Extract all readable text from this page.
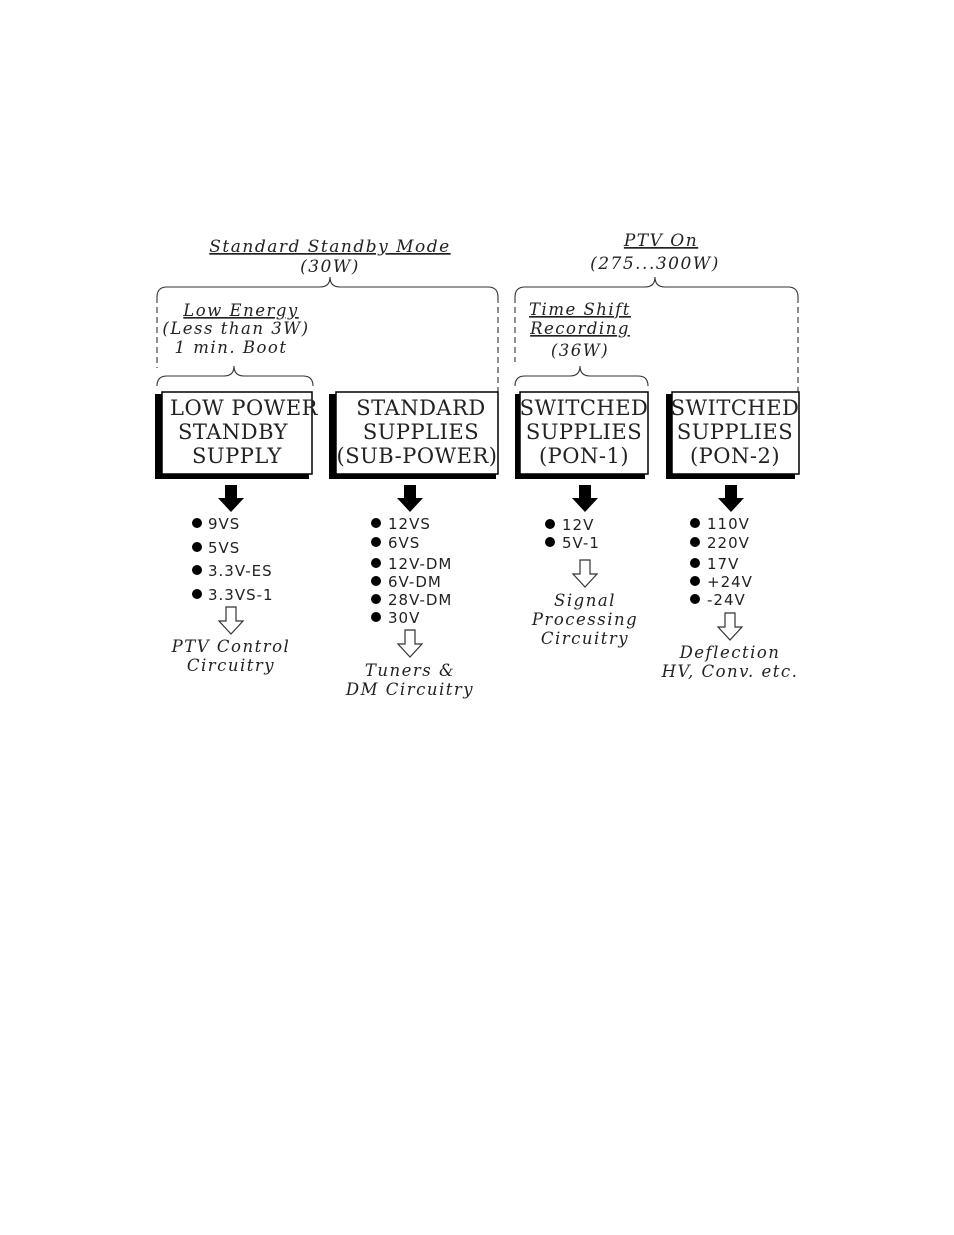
Standard Standby Mode
(30W)
PTV On
(275...300W)
Low Energy
(Less than 3W)
1 min. Boot
Time Shift
Recording
(36W)
LOW POWER
STANDBY
SUPPLY
STANDARD
SUPPLIES
(SUB-POWER)
SWITCHED
SUPPLIES
(PON-1)
SWITCHED
SUPPLIES
(PON-2)
9VS
5VS
3.3V-ES
3.3VS-1
12VS
6VS
12V-DM
6V-DM
28V-DM
30V
12V
5V-1
110V
220V
17V
+24V
-24V
PTV Control
Circuitry	Tuners &
DM Circuitry
Signal
Processing
Circuitry
Deflection
HV, Conv. etc.
